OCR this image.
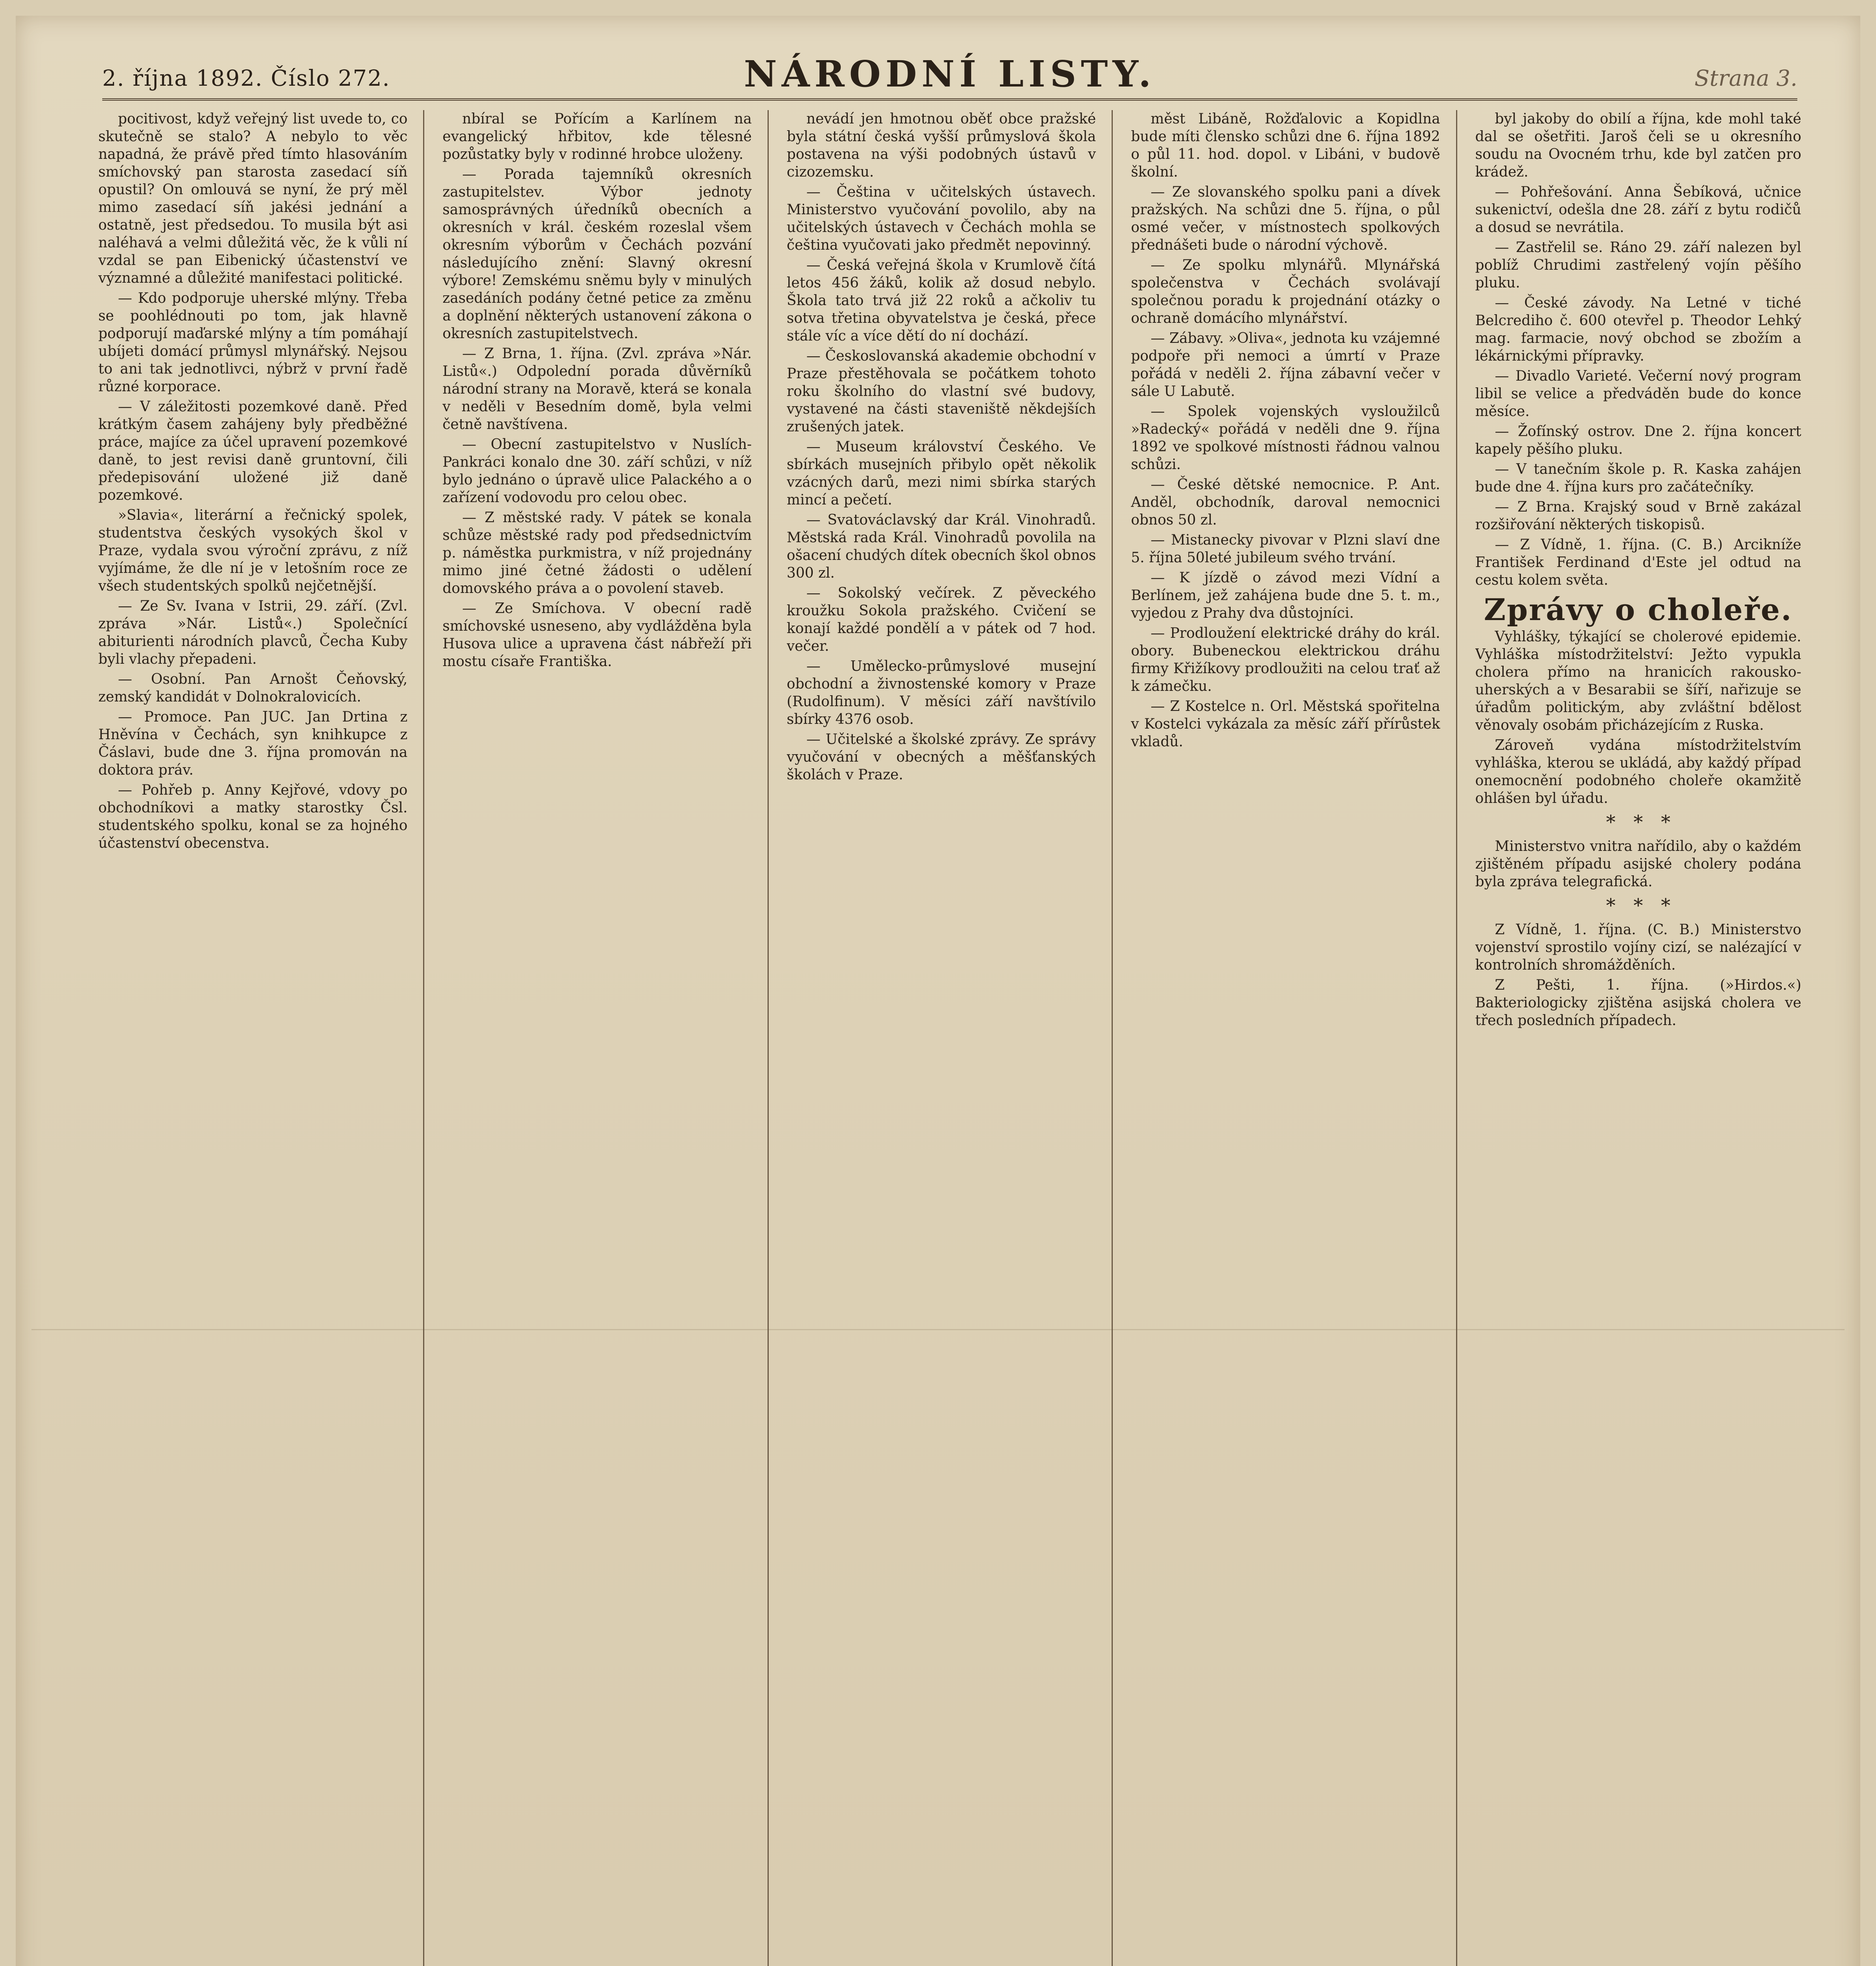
2. října 1892. Číslo 272.	NÁRODNÍ LISTY.	Strana 3.

pocitivost, když veřejný list uvede to, co skutečně se stalo? A nebylo to věc napadná, že právě před tímto hlasováním smíchovský pan starosta zasedací síň opustil? On omlouvá se nyní, že prý měl mimo zasedací síň jakési jednání a ostatně, jest předsedou. To musila být asi naléhavá a velmi důležitá věc, že k vůli ní vzdal se pan Eibenický účastenství ve významné a důležité manifestaci politické.

— Kdo podporuje uherské mlýny. Třeba se poohlédnouti po tom, jak hlavně podporují maďarské mlýny a tím pomáhají ubíjeti domácí průmysl mlynářský. Nejsou to ani tak jednotlivci, nýbrž v první řadě různé korporace.

— V záležitosti pozemkové daně. Před krátkým časem zahájeny byly předběžné práce, majíce za účel upravení pozemkové daně, to jest revisi daně gruntovní, čili předepisování uložené již daně pozemkové.

»Slavia«, literární a řečnický spolek, studentstva českých vysokých škol v Praze, vydala svou výroční zprávu, z níž vyjímáme, že dle ní je v letošním roce ze všech studentských spolků nejčetnější.

— Ze Sv. Ivana v Istrii, 29. září. (Zvl. zpráva »Nár. Listů«.) Společnící abiturienti národních plavců, Čecha Kuby byli vlachy přepadeni.

— Osobní. Pan Arnošt Čeňovský, zemský kandidát v Dolnokralovicích.

— Promoce. Pan JUC. Jan Drtina z Hněvína v Čechách, syn knihkupce z Čáslavi, bude dne 3. října promován na doktora práv.

— Pohřeb p. Anny Kejřové, vdovy po obchodníkovi a matky starostky Čsl. studentského spolku, konal se za hojného účastenství obecenstva.

nbíral se Pořícím a Karlínem na evangelický hřbitov, kde tělesné pozůstatky byly v rodinné hrobce uloženy.

— Porada tajemníků okresních zastupitelstev. Výbor jednoty samosprávných úředníků obecních a okresních v král. českém rozeslal všem okresním výborům v Čechách pozvání následujícího znění: Slavný okresní výbore! Zemskému sněmu byly v minulých zasedáních podány četné petice za změnu a doplnění některých ustanovení zákona o okresních zastupitelstvech.

— Z Brna, 1. října. (Zvl. zpráva »Nár. Listů«.) Odpolední porada důvěrníků národní strany na Moravě, která se konala v neděli v Besedním domě, byla velmi četně navštívena.

— Obecní zastupitelstvo v Nuslích-Pankráci konalo dne 30. září schůzi, v níž bylo jednáno o úpravě ulice Palackého a o zařízení vodovodu pro celou obec.

— Z městské rady. V pátek se konala schůze městské rady pod předsednictvím p. náměstka purkmistra, v níž projednány mimo jiné četné žádosti o udělení domovského práva a o povolení staveb.

— Ze Smíchova. V obecní radě smíchovské usneseno, aby vydlážděna byla Husova ulice a upravena část nábřeží při mostu císaře Františka.

nevádí jen hmotnou oběť obce pražské byla státní česká vyšší průmyslová škola postavena na výši podobných ústavů v cizozemsku.

— Čeština v učitelských ústavech. Ministerstvo vyučování povolilo, aby na učitelských ústavech v Čechách mohla se čeština vyučovati jako předmět nepovinný.

— Česká veřejná škola v Krumlově čítá letos 456 žáků, kolik až dosud nebylo. Škola tato trvá již 22 roků a ačkoliv tu sotva třetina obyvatelstva je česká, přece stále víc a více dětí do ní dochází.

— Českoslovanská akademie obchodní v Praze přestěhovala se počátkem tohoto roku školního do vlastní své budovy, vystavené na části staveniště někdejších zrušených jatek.

— Museum království Českého. Ve sbírkách musejních přibylo opět několik vzácných darů, mezi nimi sbírka starých mincí a pečetí.

— Svatováclavský dar Král. Vinohradů. Městská rada Král. Vinohradů povolila na ošacení chudých dítek obecních škol obnos 300 zl.

— Sokolský večírek. Z pěveckého kroužku Sokola pražského. Cvičení se konají každé pondělí a v pátek od 7 hod. večer.

— Umělecko-průmyslové musejní obchodní a živnostenské komory v Praze (Rudolfinum). V měsíci září navštívilo sbírky 4376 osob.

— Učitelské a školské zprávy. Ze správy vyučování v obecných a měšťanských školách v Praze.

měst Libáně, Rožďalovic a Kopidlna bude míti člensko schůzi dne 6. října 1892 o půl 11. hod. dopol. v Libáni, v budově školní.

— Ze slovanského spolku pani a dívek pražských. Na schůzi dne 5. října, o půl osmé večer, v místnostech spolkových přednášeti bude o národní výchově.

— Ze spolku mlynářů. Mlynářská společenstva v Čechách svolávají společnou poradu k projednání otázky o ochraně domácího mlynářství.

— Zábavy. »Oliva«, jednota ku vzájemné podpoře při nemoci a úmrtí v Praze pořádá v neděli 2. října zábavní večer v sále U Labutě.

— Spolek vojenských vysloužilců »Radecký« pořádá v neděli dne 9. října 1892 ve spolkové místnosti řádnou valnou schůzi.

— České dětské nemocnice. P. Ant. Anděl, obchodník, daroval nemocnici obnos 50 zl.

— Mistanecky pivovar v Plzni slaví dne 5. října 50leté jubileum svého trvání.

— K jízdě o závod mezi Vídní a Berlínem, jež zahájena bude dne 5. t. m., vyjedou z Prahy dva důstojníci.

— Prodloužení elektrické dráhy do král. obory. Bubeneckou elektrickou dráhu firmy Křižíkovy prodloužiti na celou trať až k zámečku.

— Z Kostelce n. Orl. Městská spořitelna v Kostelci vykázala za měsíc září přírůstek vkladů.

byl jakoby do obilí a října, kde mohl také dal se ošetřiti. Jaroš čeli se u okresního soudu na Ovocném trhu, kde byl zatčen pro krádež.

— Pohřešování. Anna Šebíková, učnice sukenictví, odešla dne 28. září z bytu rodičů a dosud se nevrátila.

— Zastřelil se. Ráno 29. září nalezen byl poblíž Chrudimi zastřelený vojín pěšího pluku.

— České závody. Na Letné v tiché Belcrediho č. 600 otevřel p. Theodor Lehký mag. farmacie, nový obchod se zbožím a lékárnickými přípravky.

— Divadlo Varieté. Večerní nový program libil se velice a předváděn bude do konce měsíce.

— Žofínský ostrov. Dne 2. října koncert kapely pěšího pluku.

— V tanečním škole p. R. Kaska zahájen bude dne 4. října kurs pro začátečníky.

— Z Brna. Krajský soud v Brně zakázal rozšiřování některých tiskopisů.

— Z Vídně, 1. října. (C. B.) Arcikníže František Ferdinand d'Este jel odtud na cestu kolem světa.

Zprávy o choleře.

Vyhlášky, týkající se cholerové epidemie. Vyhláška místodržitelství: Ježto vypukla cholera přímo na hranicích rakousko-uherských a v Besarabii se šíří, nařizuje se úřadům politickým, aby zvláštní bdělost věnovaly osobám přicházejícím z Ruska.

Zároveň vydána místodržitelstvím vyhláška, kterou se ukládá, aby každý případ onemocnění podobného choleře okamžitě ohlášen byl úřadu.

*   *   *

Ministerstvo vnitra nařídilo, aby o každém zjištěném případu asijské cholery podána byla zpráva telegrafická.

*   *   *

Z Vídně, 1. října. (C. B.) Ministerstvo vojenství sprostilo vojíny cizí, se nalézající v kontrolních shromážděních.

Z Pešti, 1. října. (»Hirdos.«) Bakteriologicky zjištěna asijská cholera ve třech posledních případech.
